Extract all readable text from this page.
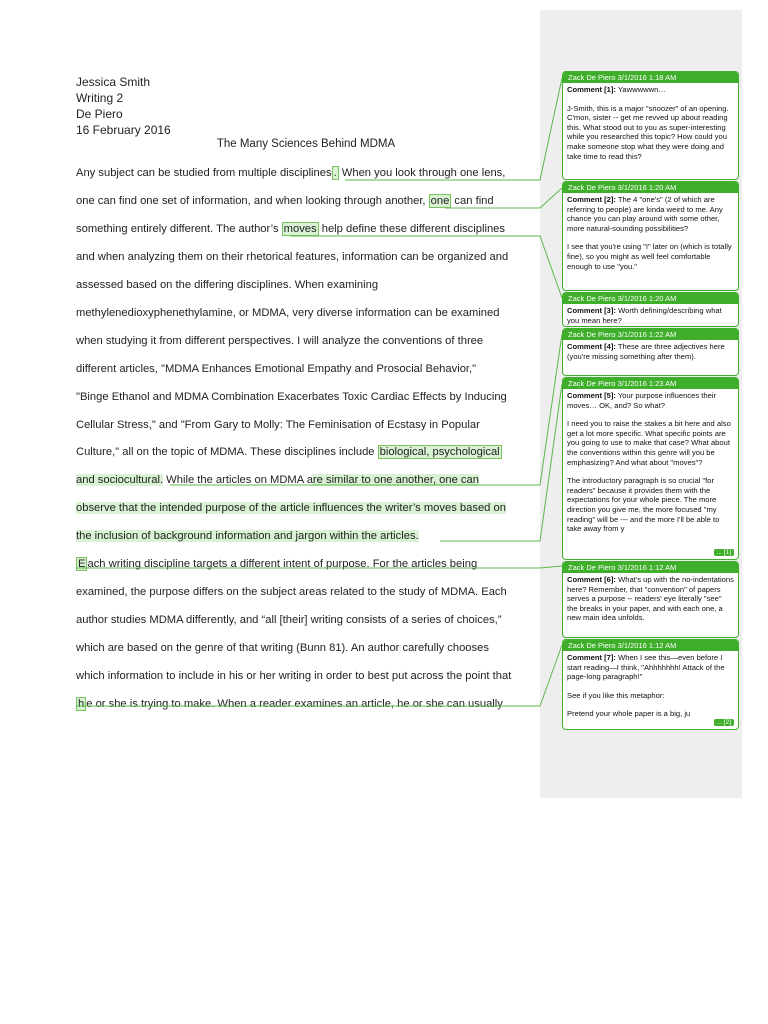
Jessica Smith
Writing 2
De Piero
16 February 2016
The Many Sciences Behind MDMA
Any subject can be studied from multiple disciplines . When you look through one lens,
one can find one set of information, and when looking through another, one can find
something entirely different. The author’s moves help define these different disciplines
and when analyzing them on their rhetorical features, information can be organized and
assessed based on the differing disciplines. When examining
methylenedioxyphenethylamine, or MDMA, very diverse information can be examined
when studying it from different perspectives. I will analyze the conventions of three
different articles, "MDMA Enhances Emotional Empathy and Prosocial Behavior,"
"Binge Ethanol and MDMA Combination Exacerbates Toxic Cardiac Effects by Inducing
Cellular Stress," and "From Gary to Molly: The Feminisation of Ecstasy in Popular
Culture," all on the topic of MDMA. These disciplines include biological, psychological
and sociocultural. While the articles on MDMA are similar to one another, one can
observe that the intended purpose of the article influences the writer’s moves based on
the inclusion of background information and jargon within the articles.
E ach writing discipline targets a different intent of purpose. For the articles being
examined, the purpose differs on the subject areas related to the study of MDMA. Each
author studies MDMA differently, and “all [their] writing consists of a series of choices,”
which are based on the genre of that writing (Bunn 81). An author carefully chooses
which information to include in his or her writing in order to best put across the point that
h e or she is trying to make. When a reader examines an article, he or she can usually
Zack De Piero 3/1/2016 1:18 AM

Comment [1]: Yawwwwwn…

J-Smith, this is a major "snoozer" of an opening. C'mon, sister -- get me revved up about reading this. What stood out to you as super-interesting while you researched this topic? How could you make someone stop what they were doing and take time to read this?

Zack De Piero 3/1/2016 1:20 AM

Comment [2]: The 4 "one's" (2 of which are referring to people) are kinda weird to me. Any chance you can play around with some other, more natural-sounding possibilities?

I see that you're using "I" later on (which is totally fine), so you might as well feel comfortable enough to use "you."

Zack De Piero 3/1/2016 1:20 AM

Comment [3]: Worth defining/describing what you mean here?

Zack De Piero 3/1/2016 1:22 AM

Comment [4]: These are three adjectives here (you're missing something after them).

Zack De Piero 3/1/2016 1:23 AM

Comment [5]: Your purpose influences their moves… OK, and? So what?

I need you to raise the stakes a bit here and also get a lot more specific. What specific points are you going to use to make that case? What about the conventions within this genre will you be emphasizing? And what about "moves"?

The introductory paragraph is so crucial "for readers" because it provides them with the expectations for your whole piece. The more direction you give me, the more focused "my reading" will be --- and the more I'll be able to take away from y

... [1]
Zack De Piero 3/1/2016 1:12 AM

Comment [6]: What's up with the no-indentations here? Remember, that "convention" of papers serves a purpose -- readers' eye literally "see" the breaks in your paper, and with each one, a new main idea unfolds.

Zack De Piero 3/1/2016 1:12 AM

Comment [7]: When I see this—even before I start reading—I think, "Ahhhhhhh! Attack of the page-long paragraph!"

See if you like this metaphor:

Pretend your whole paper is a big, ju

... [2]
